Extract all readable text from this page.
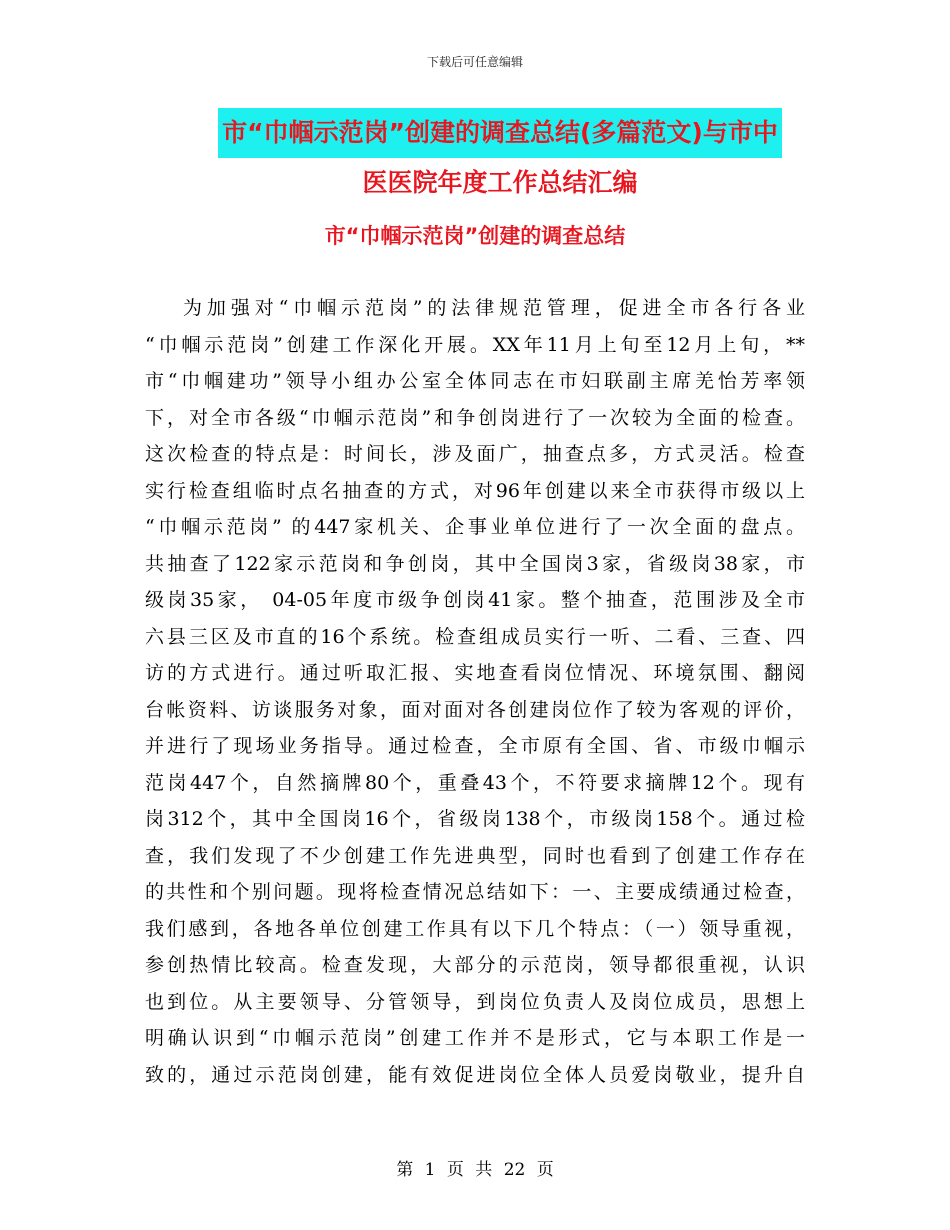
下载后可任意编辑
市“巾帼示范岗”创建的调查总结(多篇范文)与市中
医医院年度工作总结汇编
市“巾帼示范岗”创建的调查总结
为加强对“巾帼示范岗”的法律规范管理，促进全市各行各业
“巾帼示范岗”创建工作深化开展。XX年11月上旬至12月上旬，**
市“巾帼建功”领导小组办公室全体同志在市妇联副主席羌怡芳率领
下，对全市各级“巾帼示范岗”和争创岗进行了一次较为全面的检查。
这次检查的特点是：时间长，涉及面广，抽查点多，方式灵活。检查
实行检查组临时点名抽查的方式，对96年创建以来全市获得市级以上
“巾帼示范岗” 的447家机关、企事业单位进行了一次全面的盘点。
共抽查了122家示范岗和争创岗，其中全国岗3家，省级岗38家，市
级岗35家， 04-05年度市级争创岗41家。整个抽查，范围涉及全市
六县三区及市直的16个系统。检查组成员实行一听、二看、三查、四
访的方式进行。通过听取汇报、实地查看岗位情况、环境氛围、翻阅
台帐资料、访谈服务对象，面对面对各创建岗位作了较为客观的评价，
并进行了现场业务指导。通过检查，全市原有全国、省、市级巾帼示
范岗447个，自然摘牌80个，重叠43个，不符要求摘牌12个。现有
岗312个，其中全国岗16个，省级岗138个，市级岗158个。通过检
查，我们发现了不少创建工作先进典型，同时也看到了创建工作存在
的共性和个别问题。现将检查情况总结如下：一、主要成绩通过检查，
我们感到，各地各单位创建工作具有以下几个特点：（一）领导重视，
参创热情比较高。检查发现，大部分的示范岗，领导都很重视，认识
也到位。从主要领导、分管领导，到岗位负责人及岗位成员，思想上
明确认识到“巾帼示范岗”创建工作并不是形式，它与本职工作是一
致的，通过示范岗创建，能有效促进岗位全体人员爱岗敬业，提升自
第 1 页 共 22 页
